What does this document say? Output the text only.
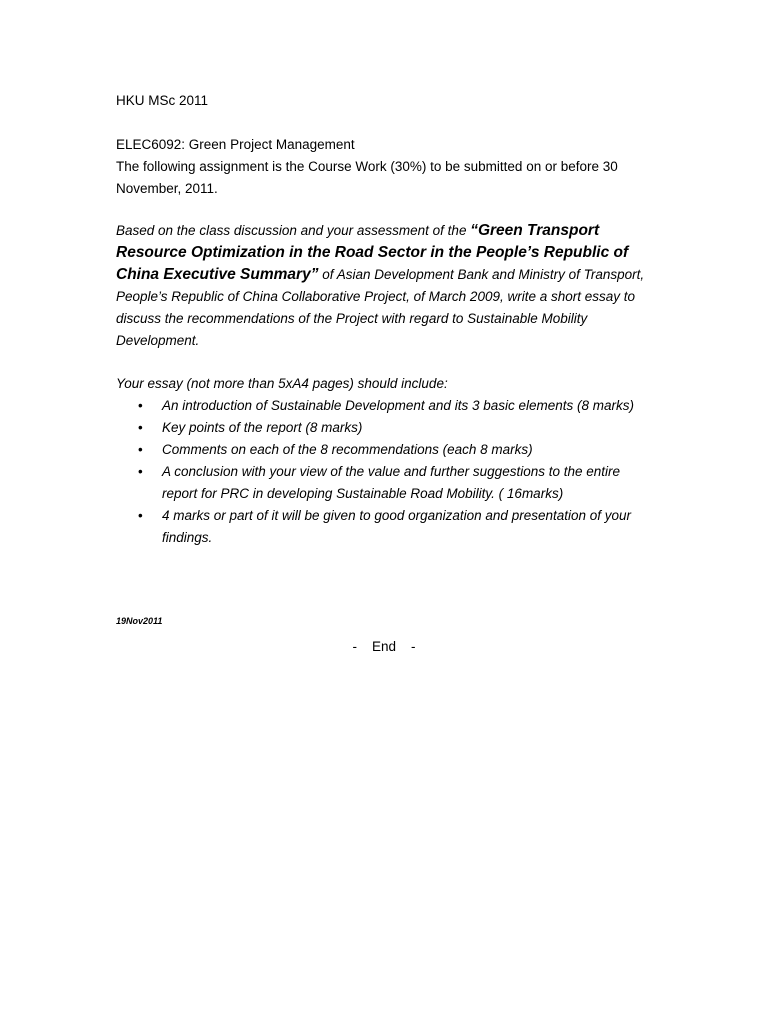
HKU MSc 2011
ELEC6092: Green Project Management
The following assignment is the Course Work (30%) to be submitted on or before 30
November, 2011.
Based on the class discussion and your assessment of the “Green Transport Resource Optimization in the Road Sector in the People’s Republic of China Executive Summary” of Asian Development Bank and Ministry of Transport, People’s Republic of China Collaborative Project, of March 2009, write a short essay to discuss the recommendations of the Project with regard to Sustainable Mobility Development.
Your essay (not more than 5xA4 pages) should include:
• An introduction of Sustainable Development and its 3 basic elements (8 marks)
• Key points of the report (8 marks)
• Comments on each of the 8 recommendations (each 8 marks)
• A conclusion with your view of the value and further suggestions to the entire report for PRC in developing Sustainable Road Mobility. ( 16marks)
• 4 marks or part of it will be given to good organization and presentation of your findings.
19Nov2011
-    End    -
